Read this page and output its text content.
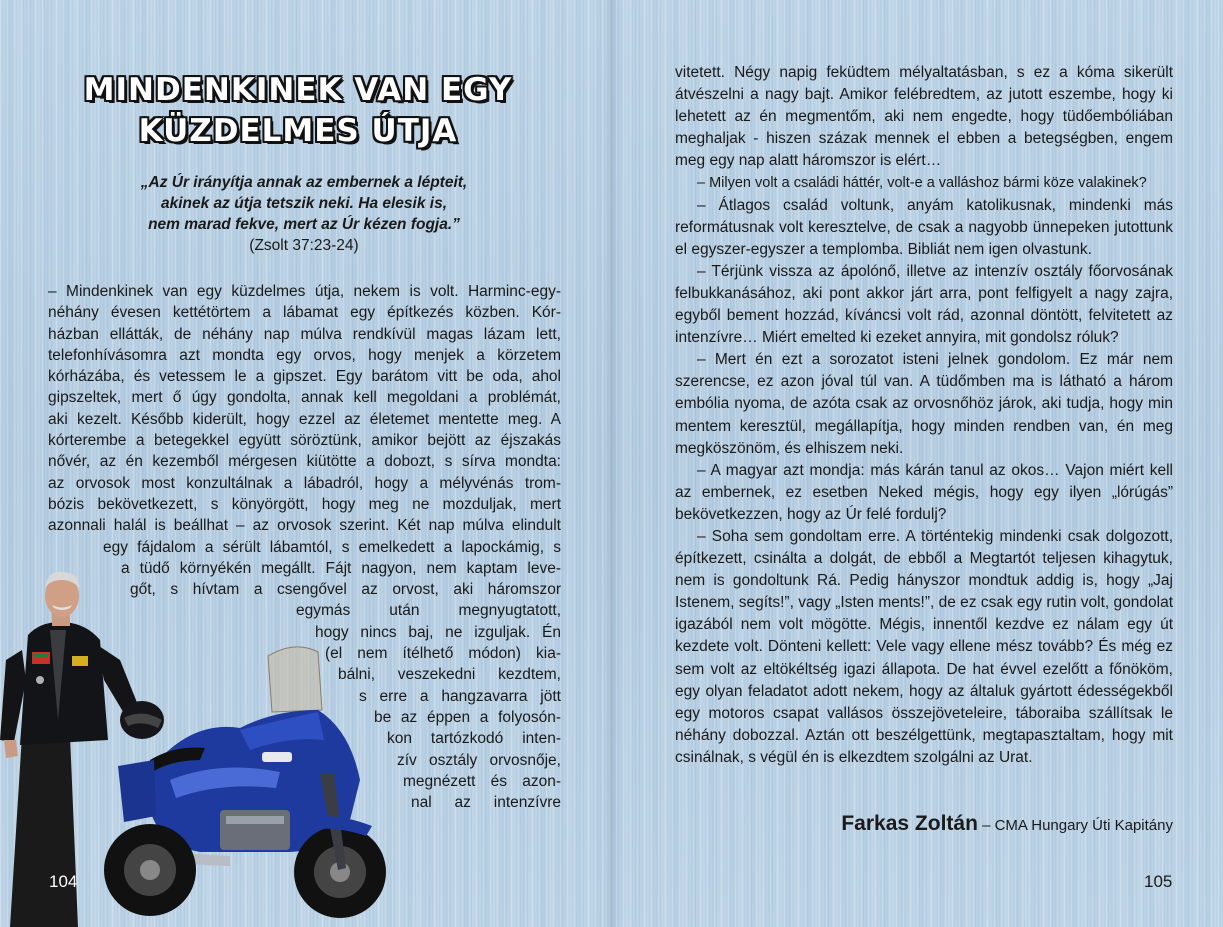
MINDENKINEK VAN EGY
KÜZDELMES ÚTJA
„Az Úr irányítja annak az embernek a lépteit,
akinek az útja tetszik neki. Ha elesik is,
nem marad fekve, mert az Úr kézen fogja.”
(Zsolt 37:23-24)
– Mindenkinek van egy küzdelmes útja, nekem is volt. Harminc-egy-
néhány évesen kettétörtem a lábamat egy építkezés közben. Kór-
házban ellátták, de néhány nap múlva rendkívül magas lázam lett,
telefonhívásomra azt mondta egy orvos, hogy menjek a körzetem
kórházába, és vetessem le a gipszet. Egy barátom vitt be oda, ahol
gipszeltek, mert ő úgy gondolta, annak kell megoldani a problémát,
aki kezelt. Később kiderült, hogy ezzel az életemet mentette meg. A
kórterembe a betegekkel együtt söröztünk, amikor bejött az éjszakás
nővér, az én kezemből mérgesen kiütötte a dobozt, s sírva mondta:
az orvosok most konzultálnak a lábadról, hogy a mélyvénás trom-
bózis bekövetkezett, s könyörgött, hogy meg ne mozduljak, mert
azonnali halál is beállhat – az orvosok szerint. Két nap múlva elindult
egy fájdalom a sérült lábamtól, s emelkedett a lapockámig, s
a tüdő környékén megállt. Fájt nagyon, nem kaptam leve-
gőt, s hívtam a csengővel az orvost, aki háromszor
egymás után megnyugtatott,
hogy nincs baj, ne izguljak. Én
(el nem ítélhető módon) kia-
bálni, veszekedni kezdtem,
s erre a hangzavarra jött
be az éppen a folyosón-
kon tartózkodó inten-
zív osztály orvosnője,
megnézett és azon-
nal az intenzívre
104

vitetett. Négy napig feküdtem mélyaltatásban, s ez a kóma sikerült átvészelni a nagy bajt. Amikor felébredtem, az jutott eszembe, hogy ki lehetett az én megmentőm, aki nem engedte, hogy tüdőembóliában meghaljak - hiszen százak mennek el ebben a betegségben, engem meg egy nap alatt háromszor is elért…

– Milyen volt a családi háttér, volt-e a valláshoz bármi köze valakinek?

– Átlagos család voltunk, anyám katolikusnak, mindenki más reformátusnak volt keresztelve, de csak a nagyobb ünnepeken jutottunk el egyszer-egyszer a templomba. Bibliát nem igen olvastunk.

– Térjünk vissza az ápolónő, illetve az intenzív osztály főorvosának felbukkanásához, aki pont akkor járt arra, pont felfigyelt a nagy zajra, egyből bement hozzád, kíváncsi volt rád, azonnal döntött, felvitetett az intenzívre… Miért emelted ki ezeket annyira, mit gondolsz róluk?

– Mert én ezt a sorozatot isteni jelnek gondolom. Ez már nem szerencse, ez azon jóval túl van. A tüdőmben ma is látható a három embólia nyoma, de azóta csak az orvosnőhöz járok, aki tudja, hogy min mentem keresztül, megállapítja, hogy minden rendben van, én meg megköszönöm, és elhiszem neki.

– A magyar azt mondja: más kárán tanul az okos… Vajon miért kell az embernek, ez esetben Neked mégis, hogy egy ilyen „lórúgás” bekövetkezzen, hogy az Úr felé fordulj?

– Soha sem gondoltam erre. A történtekig mindenki csak dolgozott, építkezett, csinálta a dolgát, de ebből a Megtartót teljesen kihagytuk, nem is gondoltunk Rá. Pedig hányszor mondtuk addig is, hogy „Jaj Istenem, segíts!”, vagy „Isten ments!”, de ez csak egy rutin volt, gondolat igazából nem volt mögötte. Mégis, innentől kezdve ez nálam egy út kezdete volt. Dönteni kellett: Vele vagy ellene mész tovább? És még ez sem volt az eltökéltség igazi állapota. De hat évvel ezelőtt a főnököm, egy olyan feladatot adott nekem, hogy az általuk gyártott édességekből egy motoros csapat vallásos összejöveteleire, táboraiba szállítsak le néhány dobozzal. Aztán ott beszélgettünk, megtapasztaltam, hogy mit csinálnak, s végül én is elkezdtem szolgálni az Urat.

Farkas Zoltán – CMA Hungary Úti Kapitány
105
